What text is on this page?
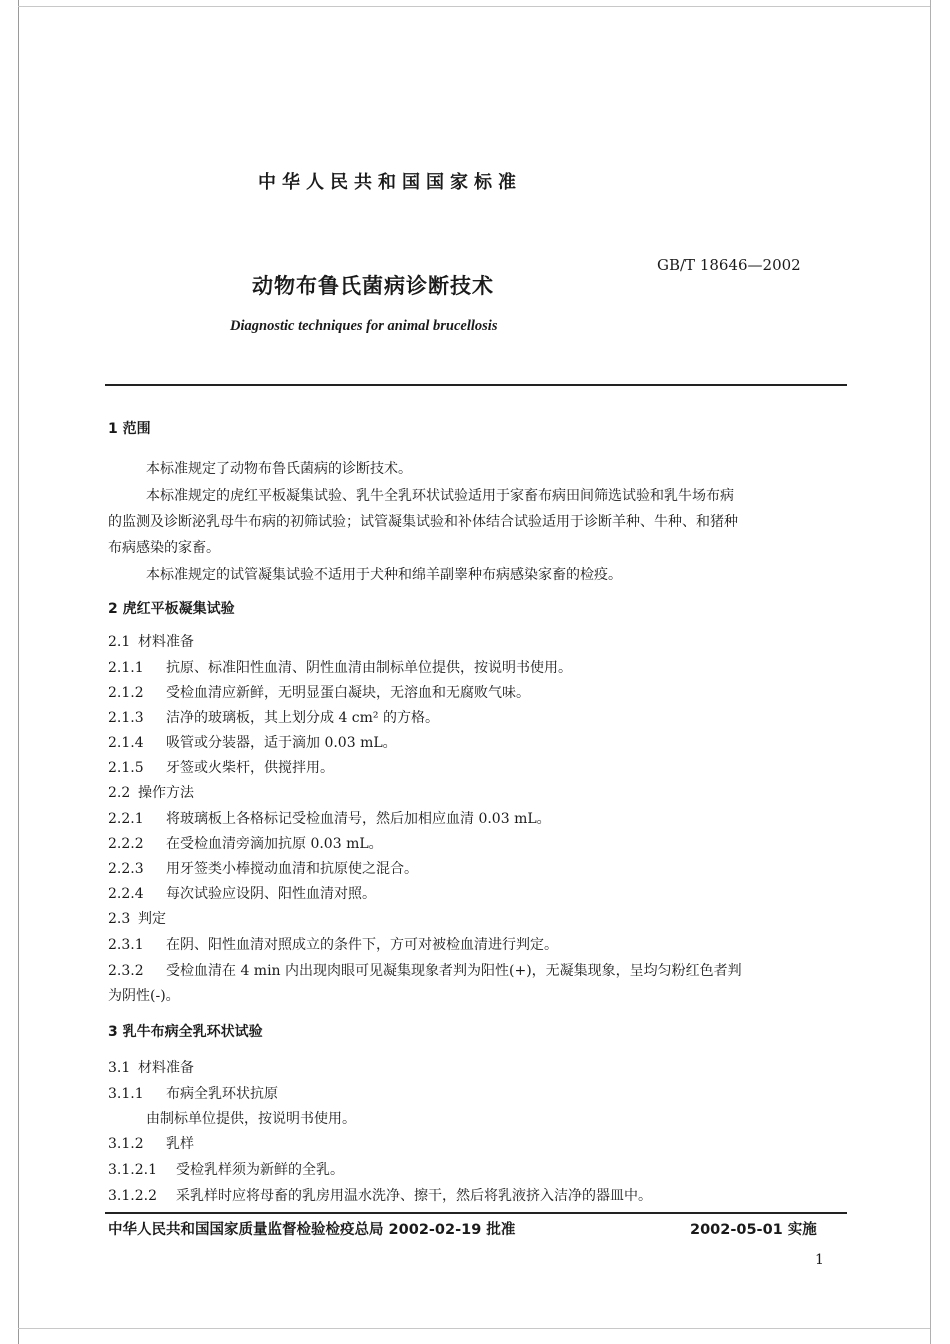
中华人民共和国国家标准
GB/T 18646—2002
动物布鲁氏菌病诊断技术
Diagnostic techniques for animal brucellosis
1 范围
本标准规定了动物布鲁氏菌病的诊断技术。
本标准规定的虎红平板凝集试验、乳牛全乳环状试验适用于家畜布病田间筛选试验和乳牛场布病
的监测及诊断泌乳母牛布病的初筛试验；试管凝集试验和补体结合试验适用于诊断羊种、牛种、和猪种
布病感染的家畜。
本标准规定的试管凝集试验不适用于犬种和绵羊副睾种布病感染家畜的检疫。
2 虎红平板凝集试验
2.1 材料准备
2.1.1 抗原、标准阳性血清、阴性血清由制标单位提供，按说明书使用。
2.1.2 受检血清应新鲜，无明显蛋白凝块，无溶血和无腐败气味。
2.1.3 洁净的玻璃板，其上划分成 4 cm² 的方格。
2.1.4 吸管或分装器，适于滴加 0.03 mL。
2.1.5 牙签或火柴杆，供搅拌用。
2.2 操作方法
2.2.1 将玻璃板上各格标记受检血清号，然后加相应血清 0.03 mL。
2.2.2 在受检血清旁滴加抗原 0.03 mL。
2.2.3 用牙签类小棒搅动血清和抗原使之混合。
2.2.4 每次试验应设阴、阳性血清对照。
2.3 判定
2.3.1 在阴、阳性血清对照成立的条件下，方可对被检血清进行判定。
2.3.2 受检血清在 4 min 内出现肉眼可见凝集现象者判为阳性(+)，无凝集现象，呈均匀粉红色者判
为阴性(-)。
3 乳牛布病全乳环状试验
3.1 材料准备
3.1.1 布病全乳环状抗原
由制标单位提供，按说明书使用。
3.1.2 乳样
3.1.2.1 受检乳样须为新鲜的全乳。
3.1.2.2 采乳样时应将母畜的乳房用温水洗净、擦干，然后将乳液挤入洁净的器皿中。
中华人民共和国国家质量监督检验检疫总局 2002-02-19 批准	2002-05-01 实施
1
